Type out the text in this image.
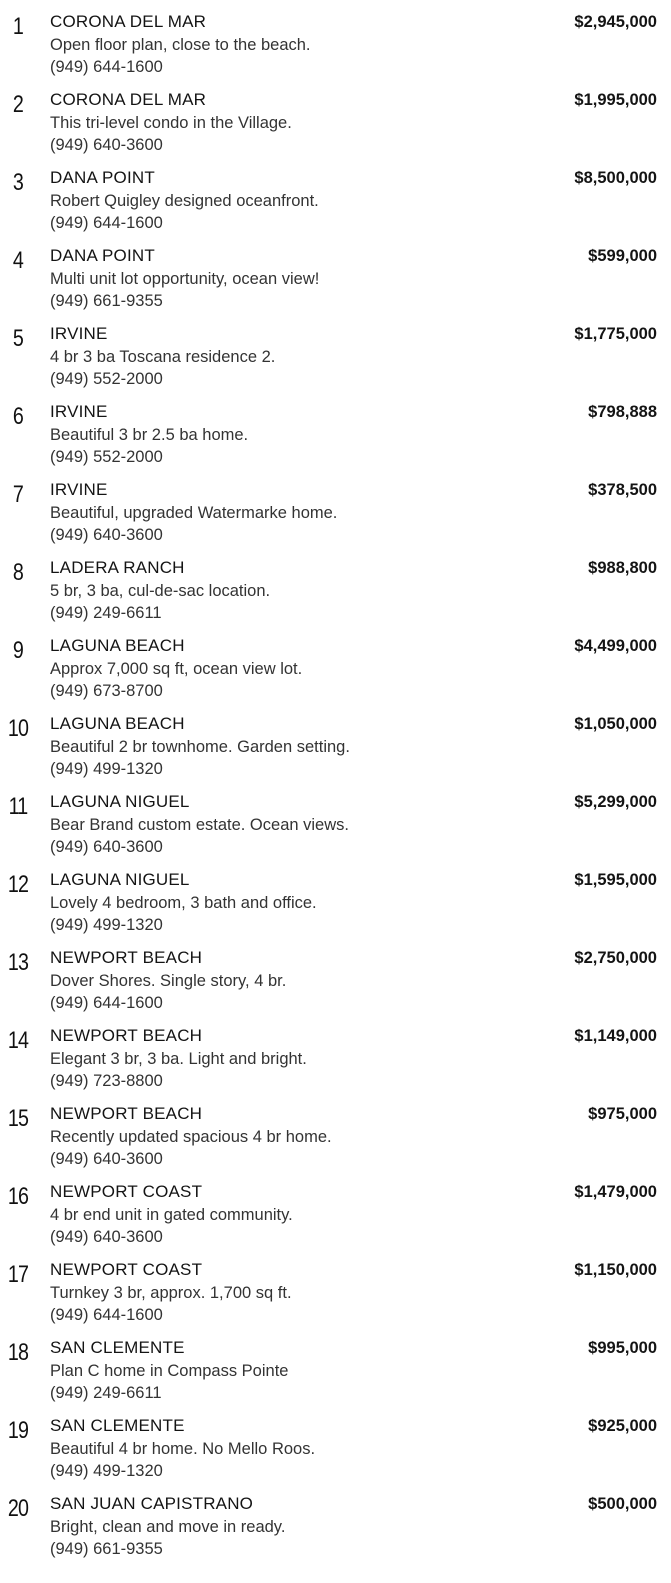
1	CORONA DEL MAR
Open floor plan, close to the beach.
(949) 644-1600
$2,945,000
2	CORONA DEL MAR
This tri-level condo in the Village.
(949) 640-3600
$1,995,000
3	DANA POINT
Robert Quigley designed oceanfront.
(949) 644-1600
$8,500,000
4	DANA POINT
Multi unit lot opportunity, ocean view!
(949) 661-9355
$599,000
5	IRVINE
4 br 3 ba Toscana residence 2.
(949) 552-2000
$1,775,000
6	IRVINE
Beautiful 3 br 2.5 ba home.
(949) 552-2000
$798,888
7	IRVINE
Beautiful, upgraded Watermarke home.
(949) 640-3600
$378,500
8	LADERA RANCH
5 br, 3 ba, cul-de-sac location.
(949) 249-6611
$988,800
9	LAGUNA BEACH
Approx 7,000 sq ft, ocean view lot.
(949) 673-8700
$4,499,000
10 LAGUNA BEACH
Beautiful 2 br townhome. Garden setting.
(949) 499-1320
$1,050,000
11	LAGUNA NIGUEL
Bear Brand custom estate. Ocean views.
(949) 640-3600
$5,299,000
12 LAGUNA NIGUEL
Lovely 4 bedroom, 3 bath and office.
(949) 499-1320
$1,595,000
13 NEWPORT BEACH
Dover Shores. Single story, 4 br.
(949) 644-1600
$2,750,000
14 NEWPORT BEACH
Elegant 3 br, 3 ba. Light and bright.
(949) 723-8800
$1,149,000
15 NEWPORT BEACH
Recently updated spacious 4 br home.
(949) 640-3600
$975,000
16 NEWPORT COAST
4 br end unit in gated community.
(949) 640-3600
$1,479,000
17 NEWPORT COAST
Turnkey 3 br, approx. 1,700 sq ft.
(949) 644-1600
$1,150,000
18 SAN CLEMENTE
Plan C home in Compass Pointe
(949) 249-6611
$995,000
19 SAN CLEMENTE
Beautiful 4 br home. No Mello Roos.
(949) 499-1320
$925,000
20 SAN JUAN CAPISTRANO
Bright, clean and move in ready.
(949) 661-9355
$500,000
